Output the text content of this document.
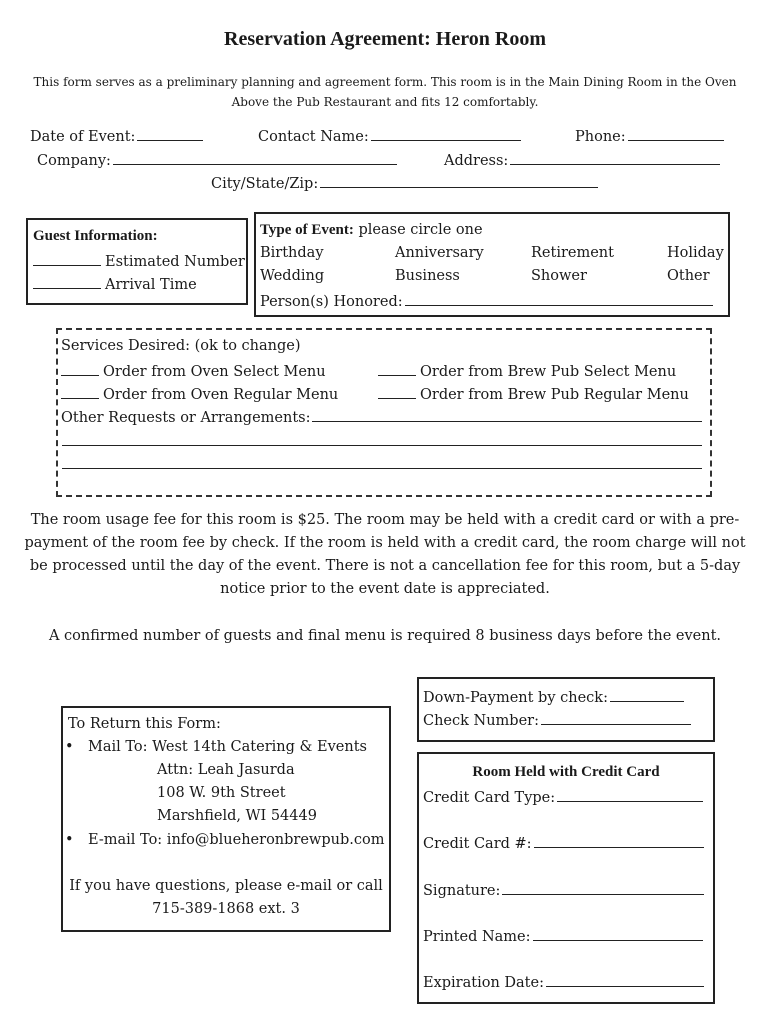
Reservation Agreement: Heron Room
This form serves as a preliminary planning and agreement form. This room is in the Main Dining Room in the Oven Above the Pub Restaurant and fits 12 comfortably.
Date of Event:	Contact Name:	Phone:
Company:	Address:
City/State/Zip:
Guest Information:
Estimated Number
Arrival Time
Type of Event: please circle one
Birthday	Anniversary	Retirement	Holiday
Wedding	Business	Shower	Other
Person(s) Honored:
Services Desired: (ok to change)
Order from Oven Select Menu	Order from Brew Pub Select Menu
Order from Oven Regular Menu	Order from Brew Pub Regular Menu
Other Requests or Arrangements:
The room usage fee for this room is $25. The room may be held with a credit card or with a pre-payment of the room fee by check. If the room is held with a credit card, the room charge will not be processed until the day of the event. There is not a cancellation fee for this room, but a 5-day notice prior to the event date is appreciated.
A confirmed number of guests and final menu is required 8 business days before the event.
To Return this Form:
• Mail To: West 14th Catering & Events
Attn: Leah Jasurda
108 W. 9th Street
Marshfield, WI 54449
• E-mail To: info@blueheronbrewpub.com
If you have questions, please e-mail or call
715-389-1868 ext. 3
Down-Payment by check:
Check Number:
Room Held with Credit Card
Credit Card Type:
Credit Card #:
Signature:
Printed Name:
Expiration Date:
